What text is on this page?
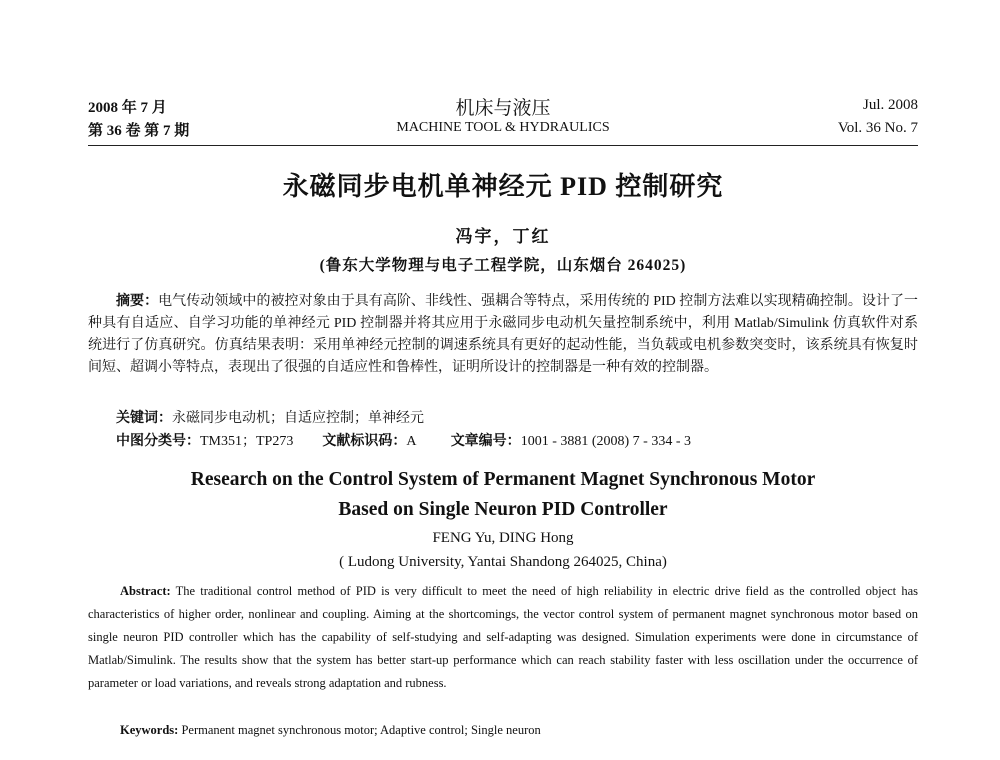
2008 年 7 月
第 36 卷 第 7 期
机床与液压
MACHINE TOOL & HYDRAULICS
Jul. 2008
Vol. 36 No. 7
永磁同步电机单神经元 PID 控制研究
冯宇，丁红
(鲁东大学物理与电子工程学院，山东烟台 264025)
摘要：电气传动领域中的被控对象由于具有高阶、非线性、强耦合等特点，采用传统的 PID 控制方法难以实现精确控制。设计了一种具有自适应、自学习功能的单神经元 PID 控制器并将其应用于永磁同步电动机矢量控制系统中，利用 Matlab/Simulink 仿真软件对系统进行了仿真研究。仿真结果表明：采用单神经元控制的调速系统具有更好的起动性能，当负载或电机参数突变时，该系统具有恢复时间短、超调小等特点，表现出了很强的自适应性和鲁棒性，证明所设计的控制器是一种有效的控制器。
关键词：永磁同步电动机；自适应控制；单神经元
中图分类号：TM351；TP273 文献标识码：A	文章编号：1001 - 3881 (2008) 7 - 334 - 3
Research on the Control System of Permanent Magnet Synchronous Motor
Based on Single Neuron PID Controller
FENG Yu, DING Hong
( Ludong University, Yantai Shandong 264025, China)
Abstract: The traditional control method of PID is very difficult to meet the need of high reliability in electric drive field as the controlled object has characteristics of higher order, nonlinear and coupling. Aiming at the shortcomings, the vector control system of permanent magnet synchronous motor based on single neuron PID controller which has the capability of self-studying and self-adapting was designed. Simulation experiments were done in circumstance of Matlab/Simulink. The results show that the system has better start-up performance which can reach stability faster with less oscillation under the occurrence of parameter or load variations, and reveals strong adaptation and rubness.
Keywords: Permanent magnet synchronous motor; Adaptive control; Single neuron
